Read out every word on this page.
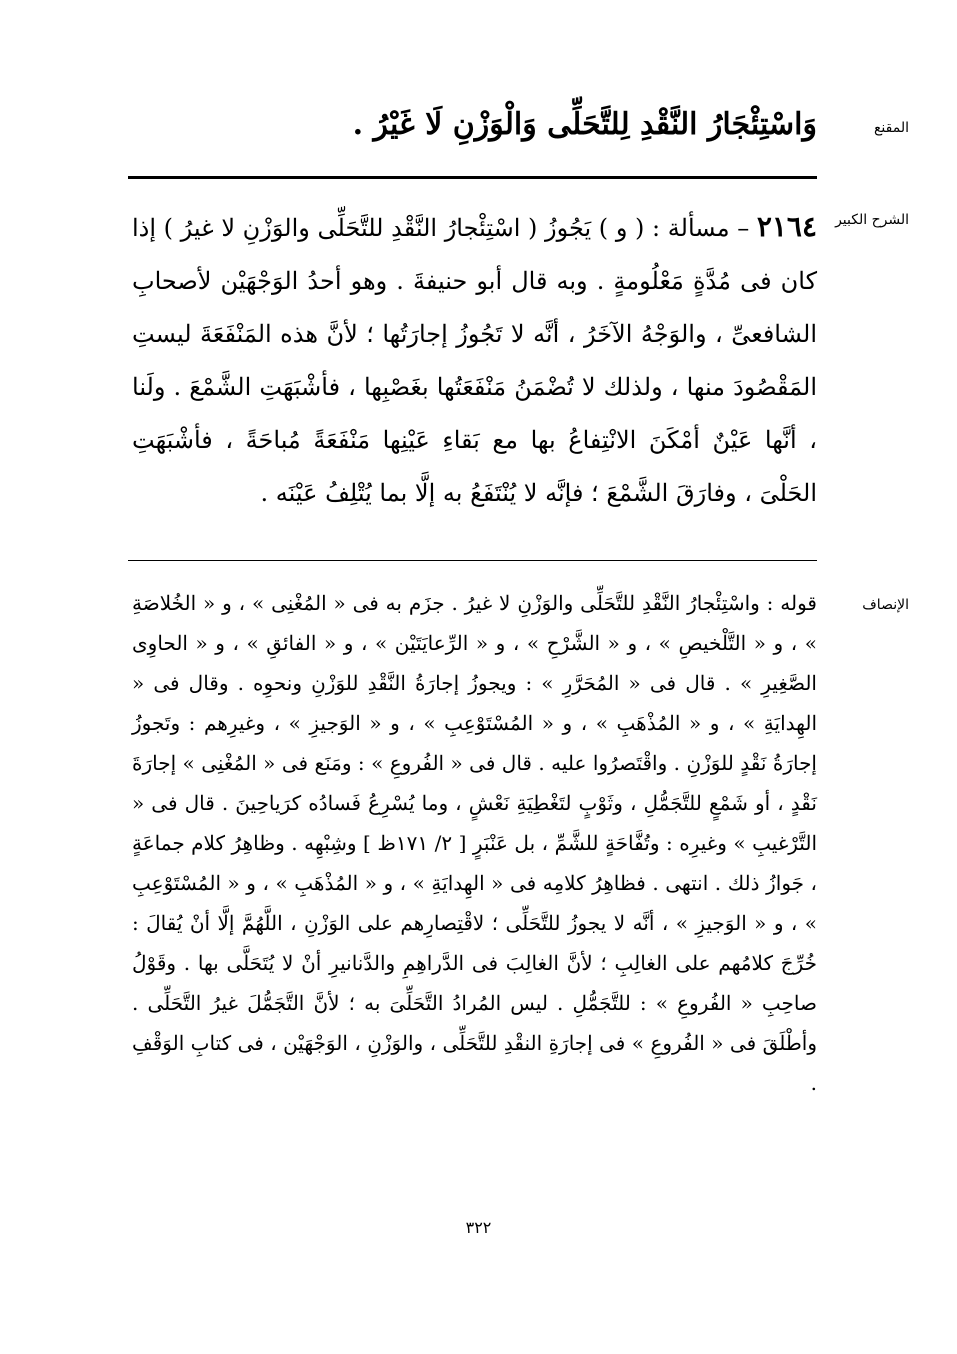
المقنع

وَاسْتِئْجَارُ النَّقْدِ لِلتَّحَلِّى وَالْوَزْنِ لَا غَيْرُ .

الشرح الكبير

٢١٦٤ – مسألة : ( و ) يَجُوزُ ( اسْتِئْجارُ النَّقْدِ للتَّحَلِّى والوَزْنِ لا غيرُ ) إذا كان فى مُدَّةٍ مَعْلُومةٍ . وبه قال أبو حنيفةَ . وهو أحدُ الوَجْهَيْن لأصحابِ الشافعىِّ ، والوَجْهُ الآخَرُ ، أنَّه لا تَجُوزُ إجارَتُها ؛ لأنَّ هذه المَنْفَعَةَ ليستِ المَقْصُودَ منها ، ولذلك لا تُضْمَنُ مَنْفَعَتُها بغَصْبِها ، فأشْبَهَتِ الشَّمْعَ . ولَنا ، أنَّها عَيْنٌ أمْكَنَ الانْتِفاعُ بها مع بَقاءِ عَيْنِها مَنْفَعَةً مُباحَةً ، فأشْبَهَتِ الحَلْىَ ، وفارَقَ الشَّمْعَ ؛ فإنَّه لا يُنْتَفَعُ به إلَّا بما يُتْلِفُ عَيْنَه .

الإنصاف

قوله : واسْتِئْجارُ النَّقْدِ للتَّحَلِّى والوَزْنِ لا غيرُ . جزَم به فى « المُغْنِى » ، و « الخُلاصَةِ » ، و « التَّلْخيصِ » ، و « الشَّرْحِ » ، و « الرِّعايَتَيْن » ، و « الفائقِ » ، و « الحاوِى الصَّغِيرِ » . قال فى « المُحَرَّرِ » : ويجوزُ إجارَةُ النَّقْدِ للوَزْنِ ونحوِه . وقال فى « الهِدايَةِ » ، و « المُذْهَبِ » ، و « المُسْتَوْعِبِ » ، و « الوَجيزِ » ، وغيرِهم : وتَجوزُ إجارَةُ نَقْدٍ للوَزْنِ . واقْتَصرُوا عليه . قال فى « الفُروعِ » : ومَنَع فى « المُغْنِى » إجارَةَ نَقْدٍ ، أو شَمْعٍ للتَّجَمُّلِ ، وثَوْبٍ لتَغْطِيَةِ نَعْشٍ ، وما يُسْرِعُ فَسادُه كرَياحِينَ . قال فى « التَّرْغيبِ » وغيرِه : وتُفَّاحَةٍ للشَّمِّ ، بل عَنْبَرٍ [ ٢/ ١٧١ظ ] وشِبْهِه . وظاهِرُ كلام جماعَةٍ ، جَوازُ ذلك . انتهى . فظاهِرُ كلامِه فى « الهِدايَةِ » ، و « المُذْهَبِ » ، و « المُسْتَوْعِبِ » ، و « الوَجيزِ » ، أنَّه لا يجوزُ للتَّحَلِّى ؛ لاقْتِصارِهم على الوَزْنِ ، اللَّهُمَّ إلَّا أنْ يُقالَ : خُرِّجَ كلامُهم على الغالِبِ ؛ لأنَّ الغالِبَ فى الدَّراهِمِ والدَّنانيرِ أنْ لا يُتَحَلَّى بها . وقَوْلُ صاحِبِ « الفُروعِ » : للتَّجَمُّلِ . ليس المُرادُ التَّحَلِّىَ به ؛ لأنَّ التَّجَمُّلَ غيرُ التَّحَلِّى . وأطْلَقَ فى « الفُروعِ » فى إجارَةِ النقْدِ للتَّحَلِّى ، والوَزْنِ ، الوَجْهَيْن ، فى كتابِ الوَقْفِ .

٣٢٢
